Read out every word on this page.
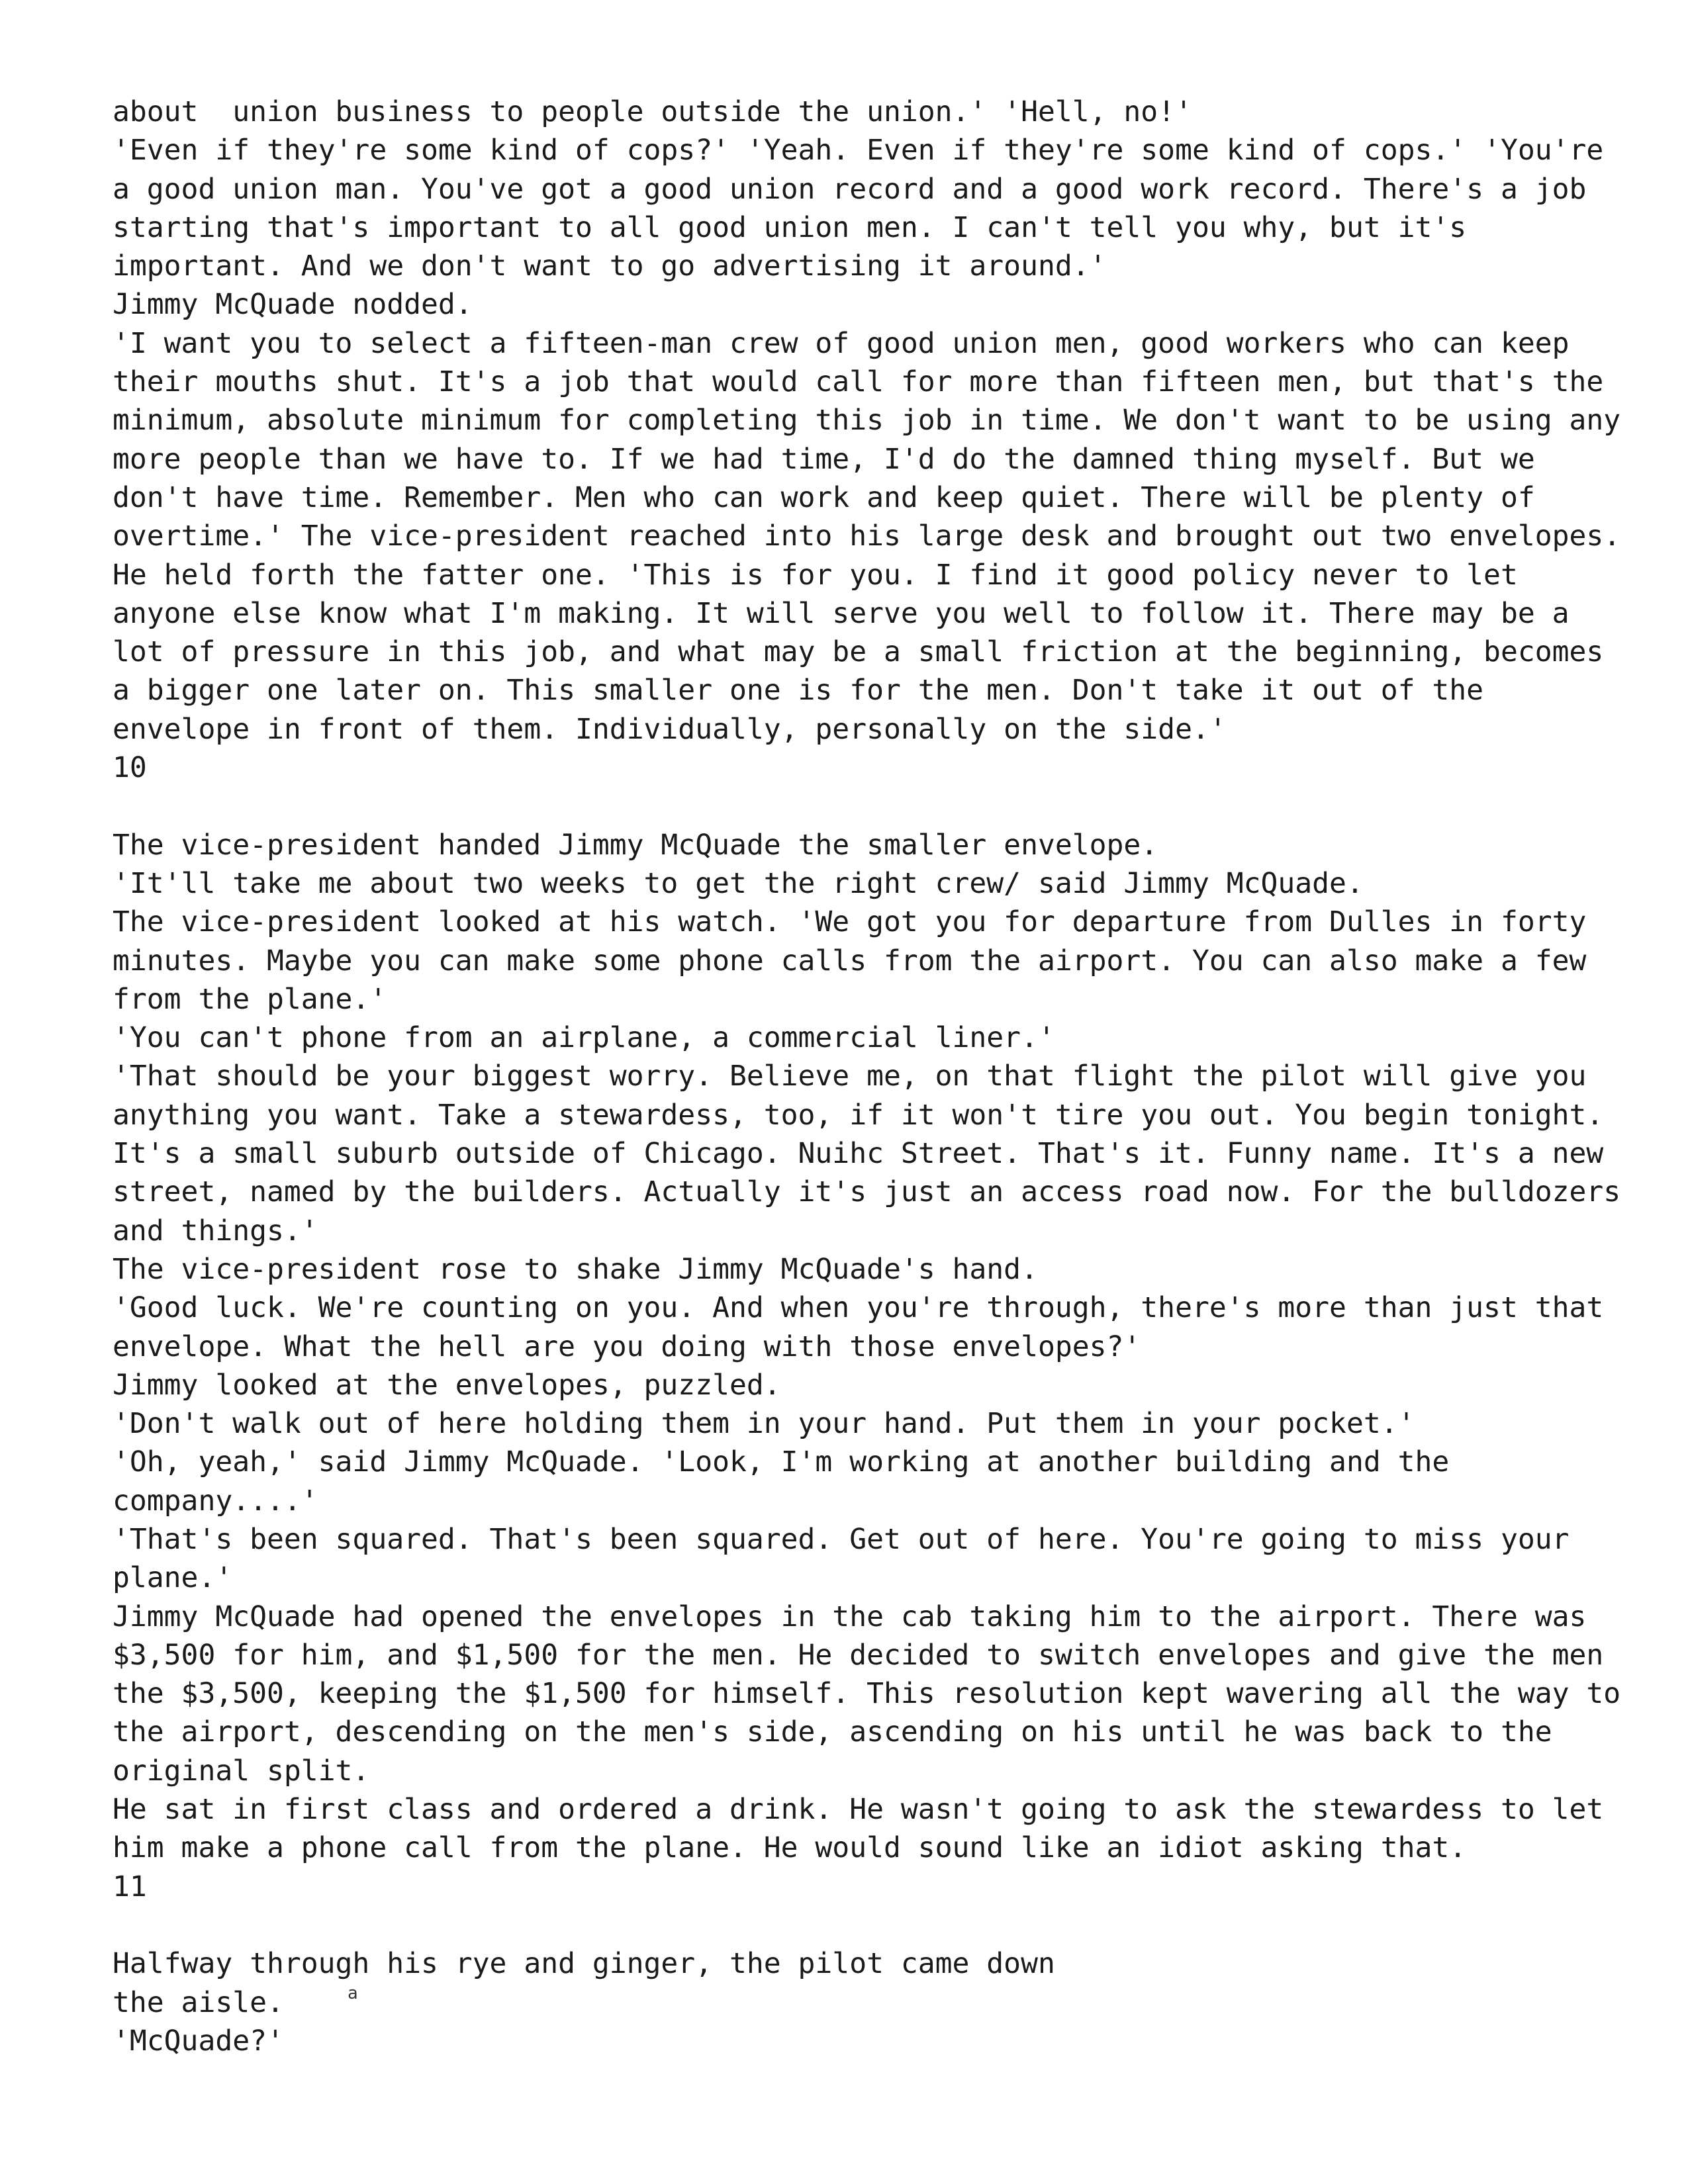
about  union business to people outside the union.' 'Hell, no!'
'Even if they're some kind of cops?' 'Yeah. Even if they're some kind of cops.' 'You're
a good union man. You've got a good union record and a good work record. There's a job
starting that's important to all good union men. I can't tell you why, but it's
important. And we don't want to go advertising it around.'
Jimmy McQuade nodded.
'I want you to select a fifteen-man crew of good union men, good workers who can keep
their mouths shut. It's a job that would call for more than fifteen men, but that's the
minimum, absolute minimum for completing this job in time. We don't want to be using any
more people than we have to. If we had time, I'd do the damned thing myself. But we
don't have time. Remember. Men who can work and keep quiet. There will be plenty of
overtime.' The vice-president reached into his large desk and brought out two envelopes.
He held forth the fatter one. 'This is for you. I find it good policy never to let
anyone else know what I'm making. It will serve you well to follow it. There may be a
lot of pressure in this job, and what may be a small friction at the beginning, becomes
a bigger one later on. This smaller one is for the men. Don't take it out of the
envelope in front of them. Individually, personally on the side.'
10
The vice-president handed Jimmy McQuade the smaller envelope.
'It'll take me about two weeks to get the right crew/ said Jimmy McQuade.
The vice-president looked at his watch. 'We got you for departure from Dulles in forty
minutes. Maybe you can make some phone calls from the airport. You can also make a few
from the plane.'
'You can't phone from an airplane, a commercial liner.'
'That should be your biggest worry. Believe me, on that flight the pilot will give you
anything you want. Take a stewardess, too, if it won't tire you out. You begin tonight.
It's a small suburb outside of Chicago. Nuihc Street. That's it. Funny name. It's a new
street, named by the builders. Actually it's just an access road now. For the bulldozers
and things.'
The vice-president rose to shake Jimmy McQuade's hand.
'Good luck. We're counting on you. And when you're through, there's more than just that
envelope. What the hell are you doing with those envelopes?'
Jimmy looked at the envelopes, puzzled.
'Don't walk out of here holding them in your hand. Put them in your pocket.'
'Oh, yeah,' said Jimmy McQuade. 'Look, I'm working at another building and the
company....'
'That's been squared. That's been squared. Get out of here. You're going to miss your
plane.'
Jimmy McQuade had opened the envelopes in the cab taking him to the airport. There was
$3,500 for him, and $1,500 for the men. He decided to switch envelopes and give the men
the $3,500, keeping the $1,500 for himself. This resolution kept wavering all the way to
the airport, descending on the men's side, ascending on his until he was back to the
original split.
He sat in first class and ordered a drink. He wasn't going to ask the stewardess to let
him make a phone call from the plane. He would sound like an idiot asking that.
11
Halfway through his rye and ginger, the pilot came down
the aisle.	a
'McQuade?'
